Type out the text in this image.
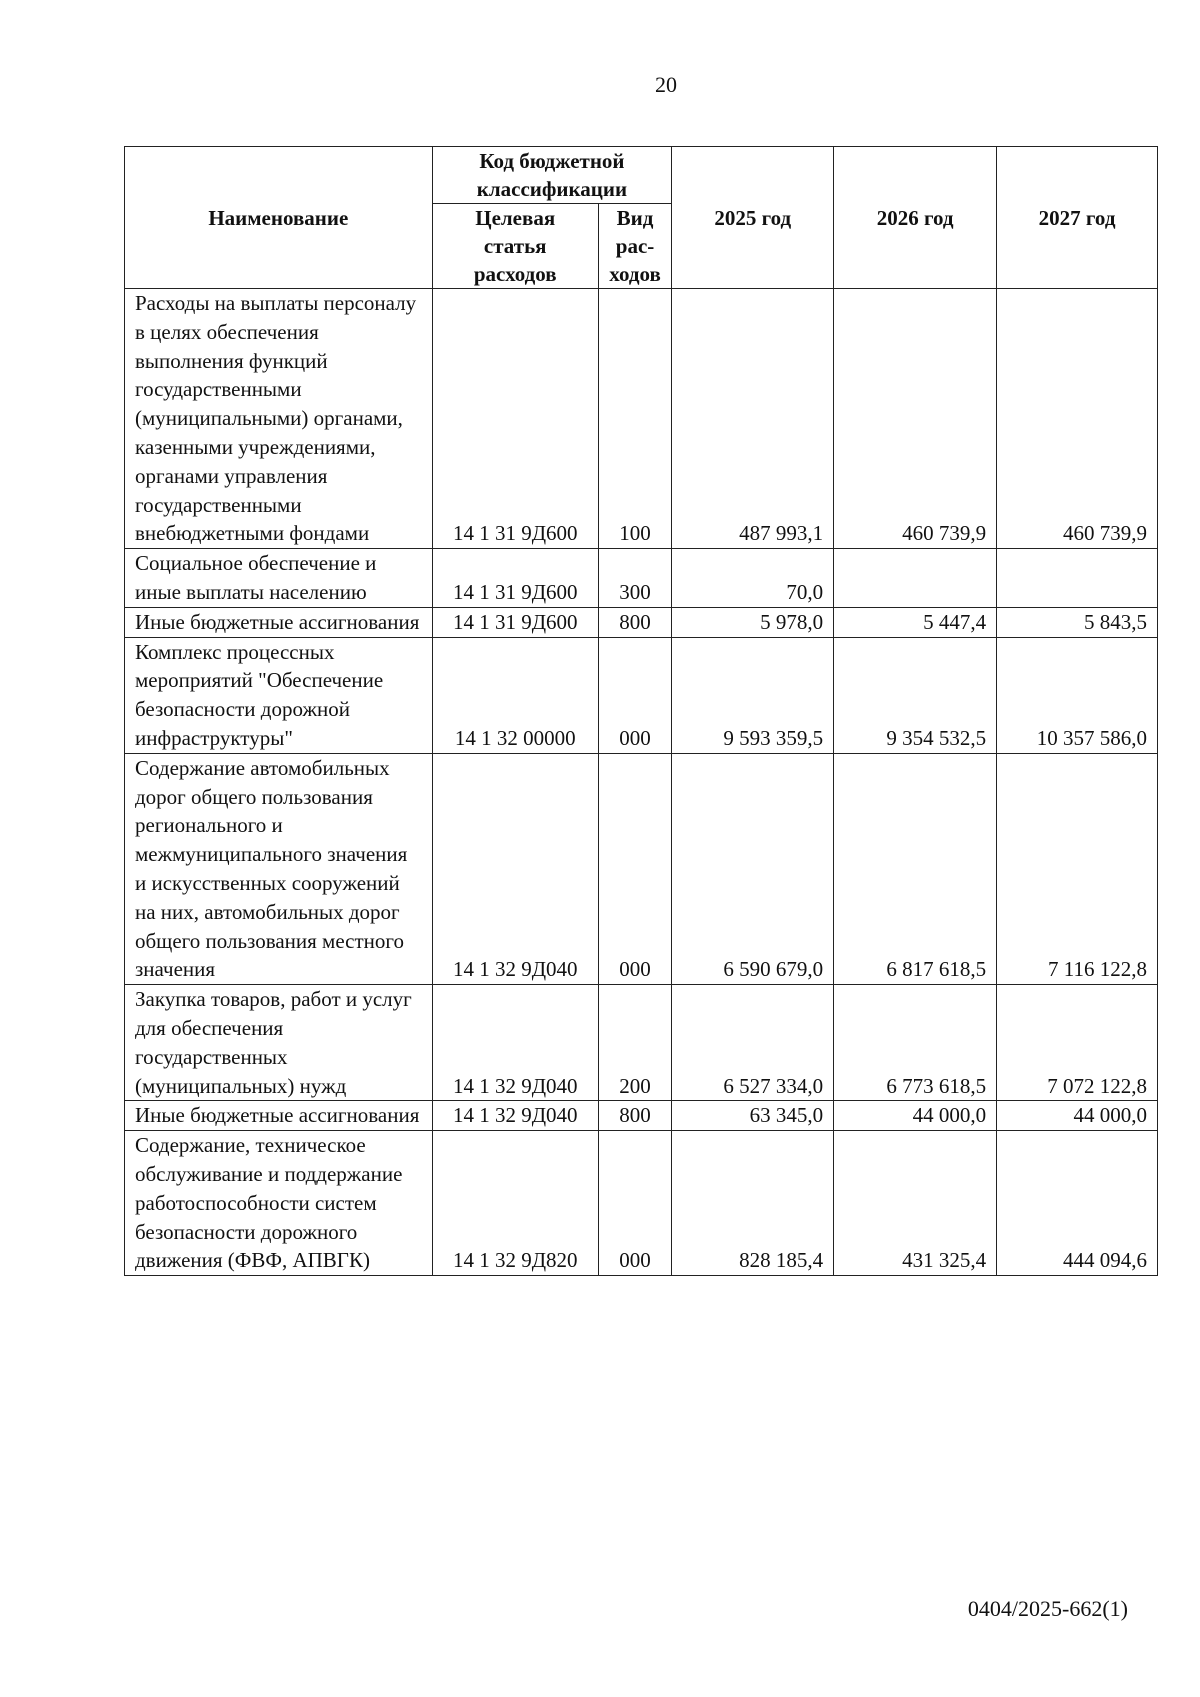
20
Наименование	Код бюджетной классификации		2025 год	2026 год	2027 год
	Целевая статья расходов	Вид рас-ходов			
Расходы на выплаты персоналу в целях обеспечения выполнения функций государственными (муниципальными) органами, казенными учреждениями, органами управления государственными внебюджетными фондами	14 1 31 9Д600	100	487 993,1	460 739,9	460 739,9
Социальное обеспечение и иные выплаты населению	14 1 31 9Д600	300	70,0		
Иные бюджетные ассигнования	14 1 31 9Д600	800	5 978,0	5 447,4	5 843,5
Комплекс процессных мероприятий "Обеспечение безопасности дорожной инфраструктуры"	14 1 32 00000	000	9 593 359,5	9 354 532,5	10 357 586,0
Содержание автомобильных дорог общего пользования регионального и межмуниципального значения и искусственных сооружений на них, автомобильных дорог общего пользования местного значения	14 1 32 9Д040	000	6 590 679,0	6 817 618,5	7 116 122,8
Закупка товаров, работ и услуг для обеспечения государственных (муниципальных) нужд	14 1 32 9Д040	200	6 527 334,0	6 773 618,5	7 072 122,8
Иные бюджетные ассигнования	14 1 32 9Д040	800	63 345,0	44 000,0	44 000,0
Содержание, техническое обслуживание и поддержание работоспособности систем безопасности дорожного движения (ФВФ, АПВГК)	14 1 32 9Д820	000	828 185,4	431 325,4	444 094,6
0404/2025-662(1)
